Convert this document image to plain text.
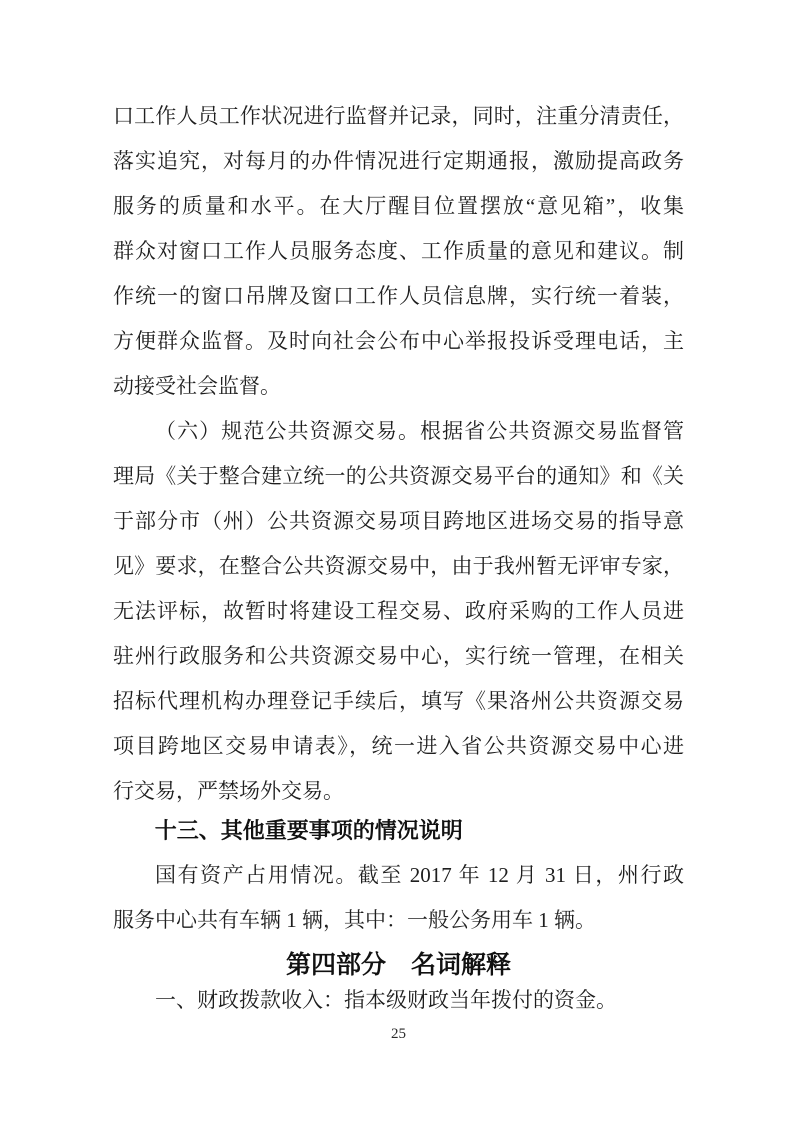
口工作人员工作状况进行监督并记录，同时，注重分清责任，
落实追究，对每月的办件情况进行定期通报，激励提高政务
服务的质量和水平。在大厅醒目位置摆放“意见箱”，收集
群众对窗口工作人员服务态度、工作质量的意见和建议。制
作统一的窗口吊牌及窗口工作人员信息牌，实行统一着装，
方便群众监督。及时向社会公布中心举报投诉受理电话，主
动接受社会监督。
（六）规范公共资源交易。根据省公共资源交易监督管
理局《关于整合建立统一的公共资源交易平台的通知》和《关
于部分市（州）公共资源交易项目跨地区进场交易的指导意
见》要求，在整合公共资源交易中，由于我州暂无评审专家，
无法评标，故暂时将建设工程交易、政府采购的工作人员进
驻州行政服务和公共资源交易中心，实行统一管理，在相关
招标代理机构办理登记手续后，填写《果洛州公共资源交易
项目跨地区交易申请表》，统一进入省公共资源交易中心进
行交易，严禁场外交易。
十三、其他重要事项的情况说明
国有资产占用情况。截至 2017 年 12 月 31 日，州行政
服务中心共有车辆 1 辆，其中：一般公务用车 1 辆。
第四部分　名词解释
一、财政拨款收入：指本级财政当年拨付的资金。
25
